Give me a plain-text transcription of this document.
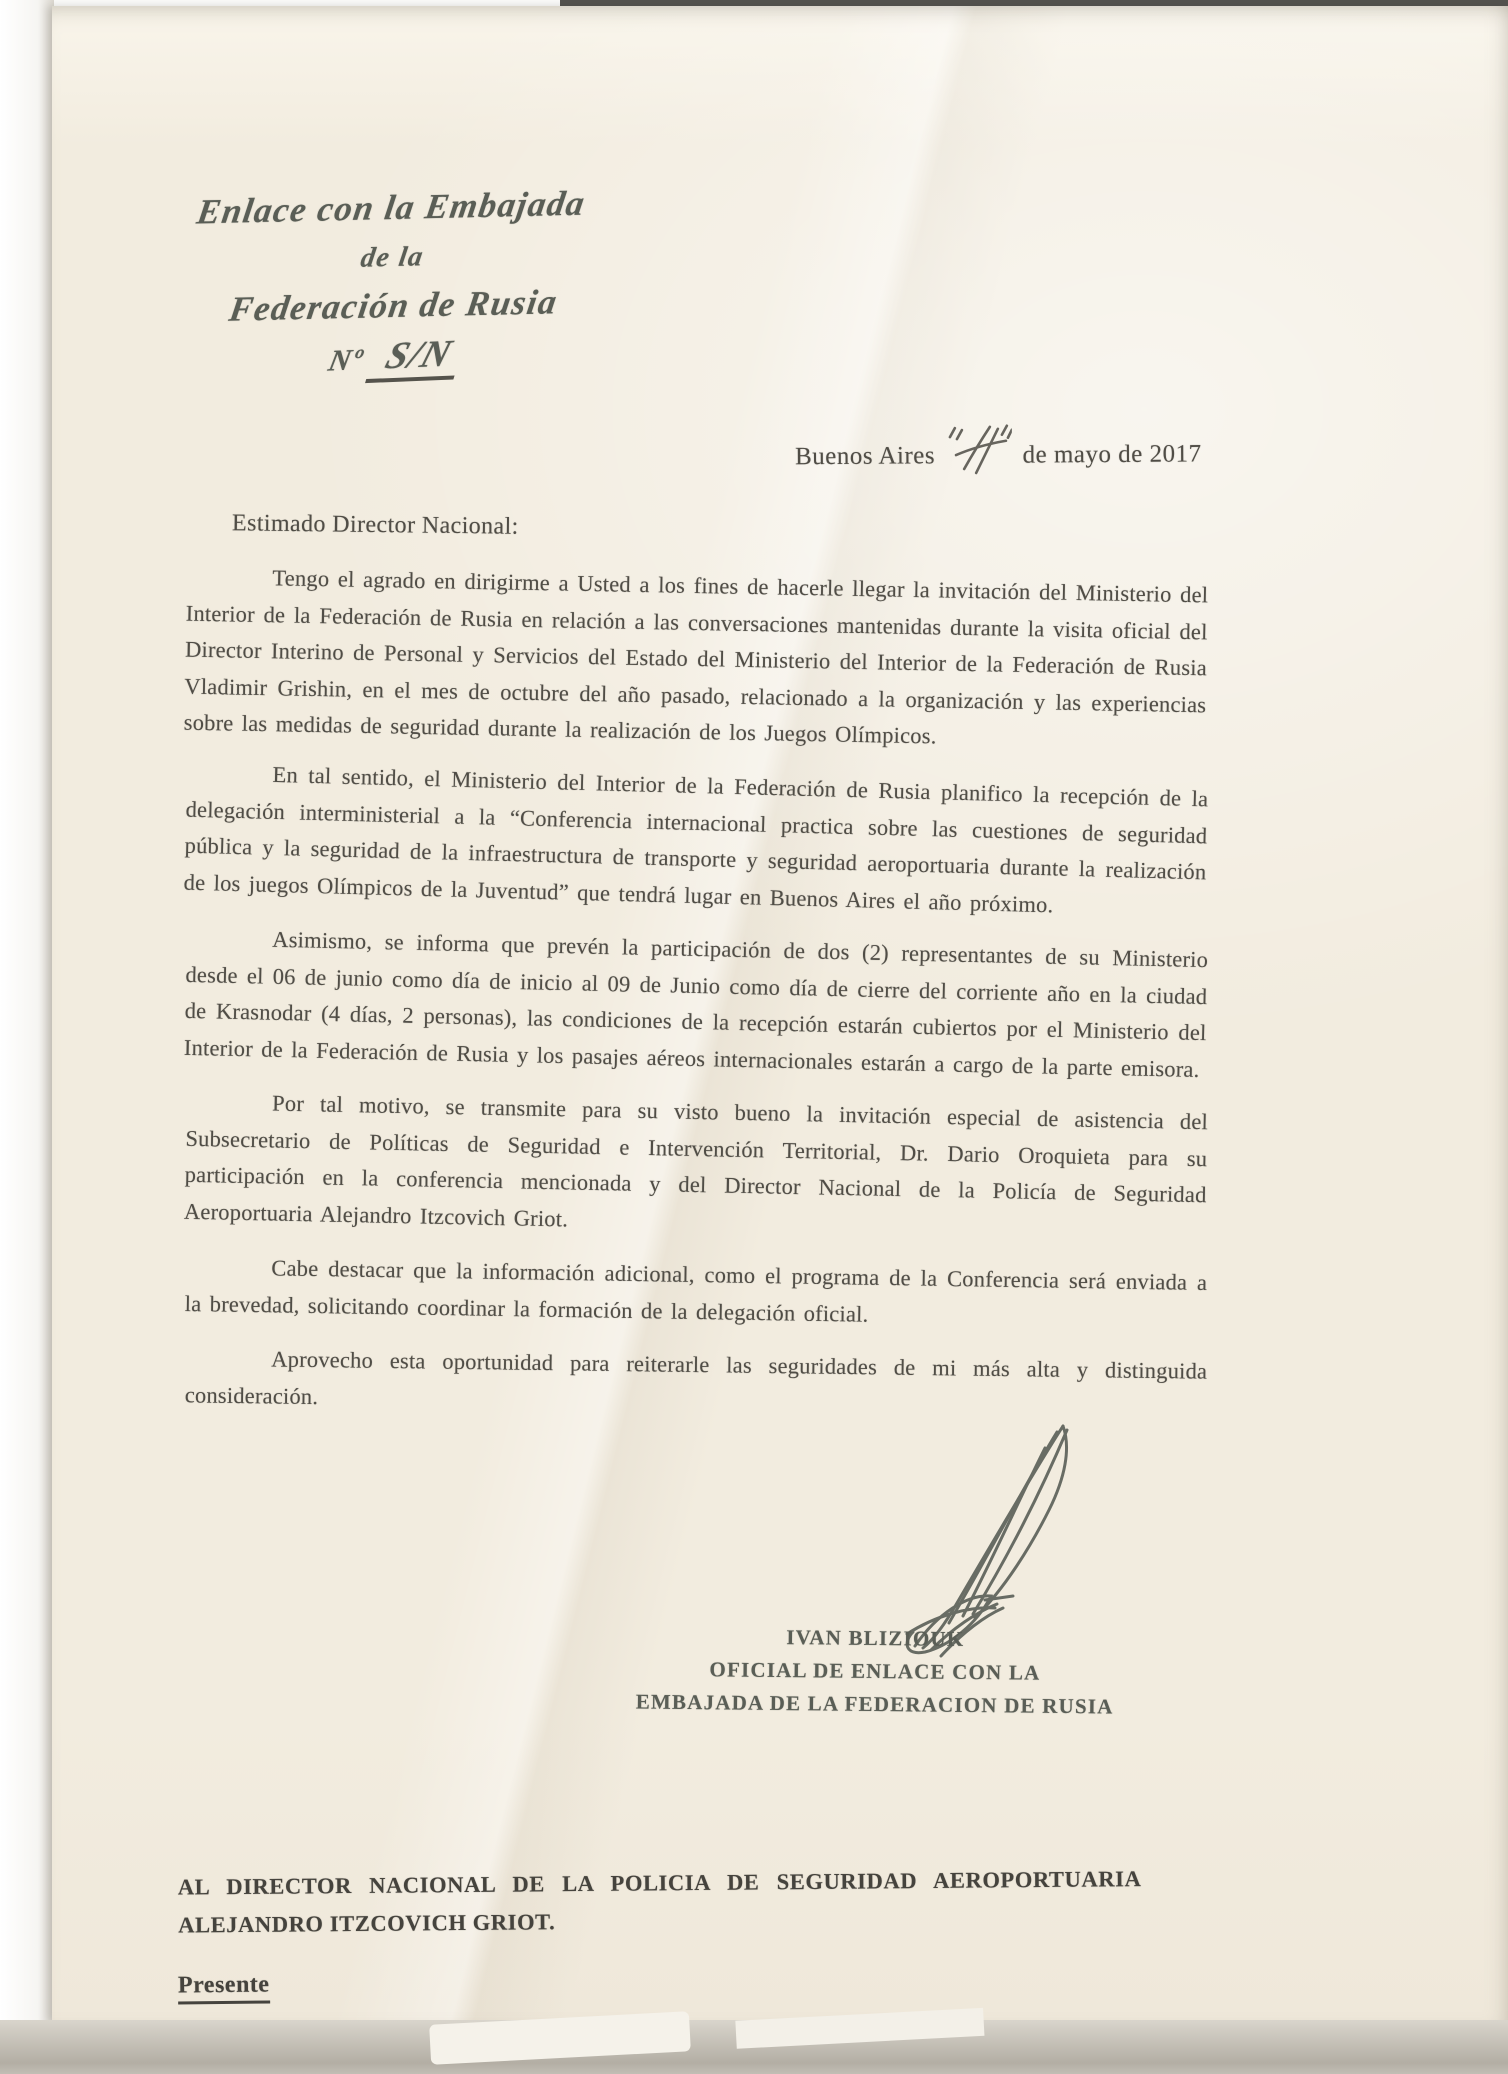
Enlace con la Embajada
de la
Federación de Rusia
Nº S/N
Buenos Aires	de mayo de 2017
Estimado Director Nacional:

Tengo el agrado en dirigirme a Usted a los fines de hacerle llegar la invitación del Ministerio del Interior de la Federación de Rusia en relación a las conversaciones mantenidas durante la visita oficial del Director Interino de Personal y Servicios del Estado del Ministerio del Interior de la Federación de Rusia Vladimir Grishin, en el mes de octubre del año pasado, relacionado a la organización y las experiencias sobre las medidas de seguridad durante la realización de los Juegos Olímpicos.

En tal sentido, el Ministerio del Interior de la Federación de Rusia planifico la recepción de la delegación interministerial a la “Conferencia internacional practica sobre las cuestiones de seguridad pública y la seguridad de la infraestructura de transporte y seguridad aeroportuaria durante la realización de los juegos Olímpicos de la Juventud” que tendrá lugar en Buenos Aires el año próximo.

Asimismo, se informa que prevén la participación de dos (2) representantes de su Ministerio desde el 06 de junio como día de inicio al 09 de Junio como día de cierre del corriente año en la ciudad de Krasnodar (4 días, 2 personas), las condiciones de la recepción estarán cubiertos por el Ministerio del Interior de la Federación de Rusia y los pasajes aéreos internacionales estarán a cargo de la parte emisora.

Por tal motivo, se transmite para su visto bueno la invitación especial de asistencia del Subsecretario de Políticas de Seguridad e Intervención Territorial, Dr. Dario Oroquieta para su participación en la conferencia mencionada y del Director Nacional de la Policía de Seguridad Aeroportuaria Alejandro Itzcovich Griot.

Cabe destacar que la información adicional, como el programa de la Conferencia será enviada a la brevedad, solicitando coordinar la formación de la delegación oficial.

Aprovecho esta oportunidad para reiterarle las seguridades de mi más alta y distinguida consideración.

IVAN BLIZIOUK
OFICIAL DE ENLACE CON LA
EMBAJADA DE LA FEDERACION DE RUSIA
AL DIRECTOR NACIONAL DE LA POLICIA DE SEGURIDAD AEROPORTUARIA
ALEJANDRO ITZCOVICH GRIOT.
Presente
